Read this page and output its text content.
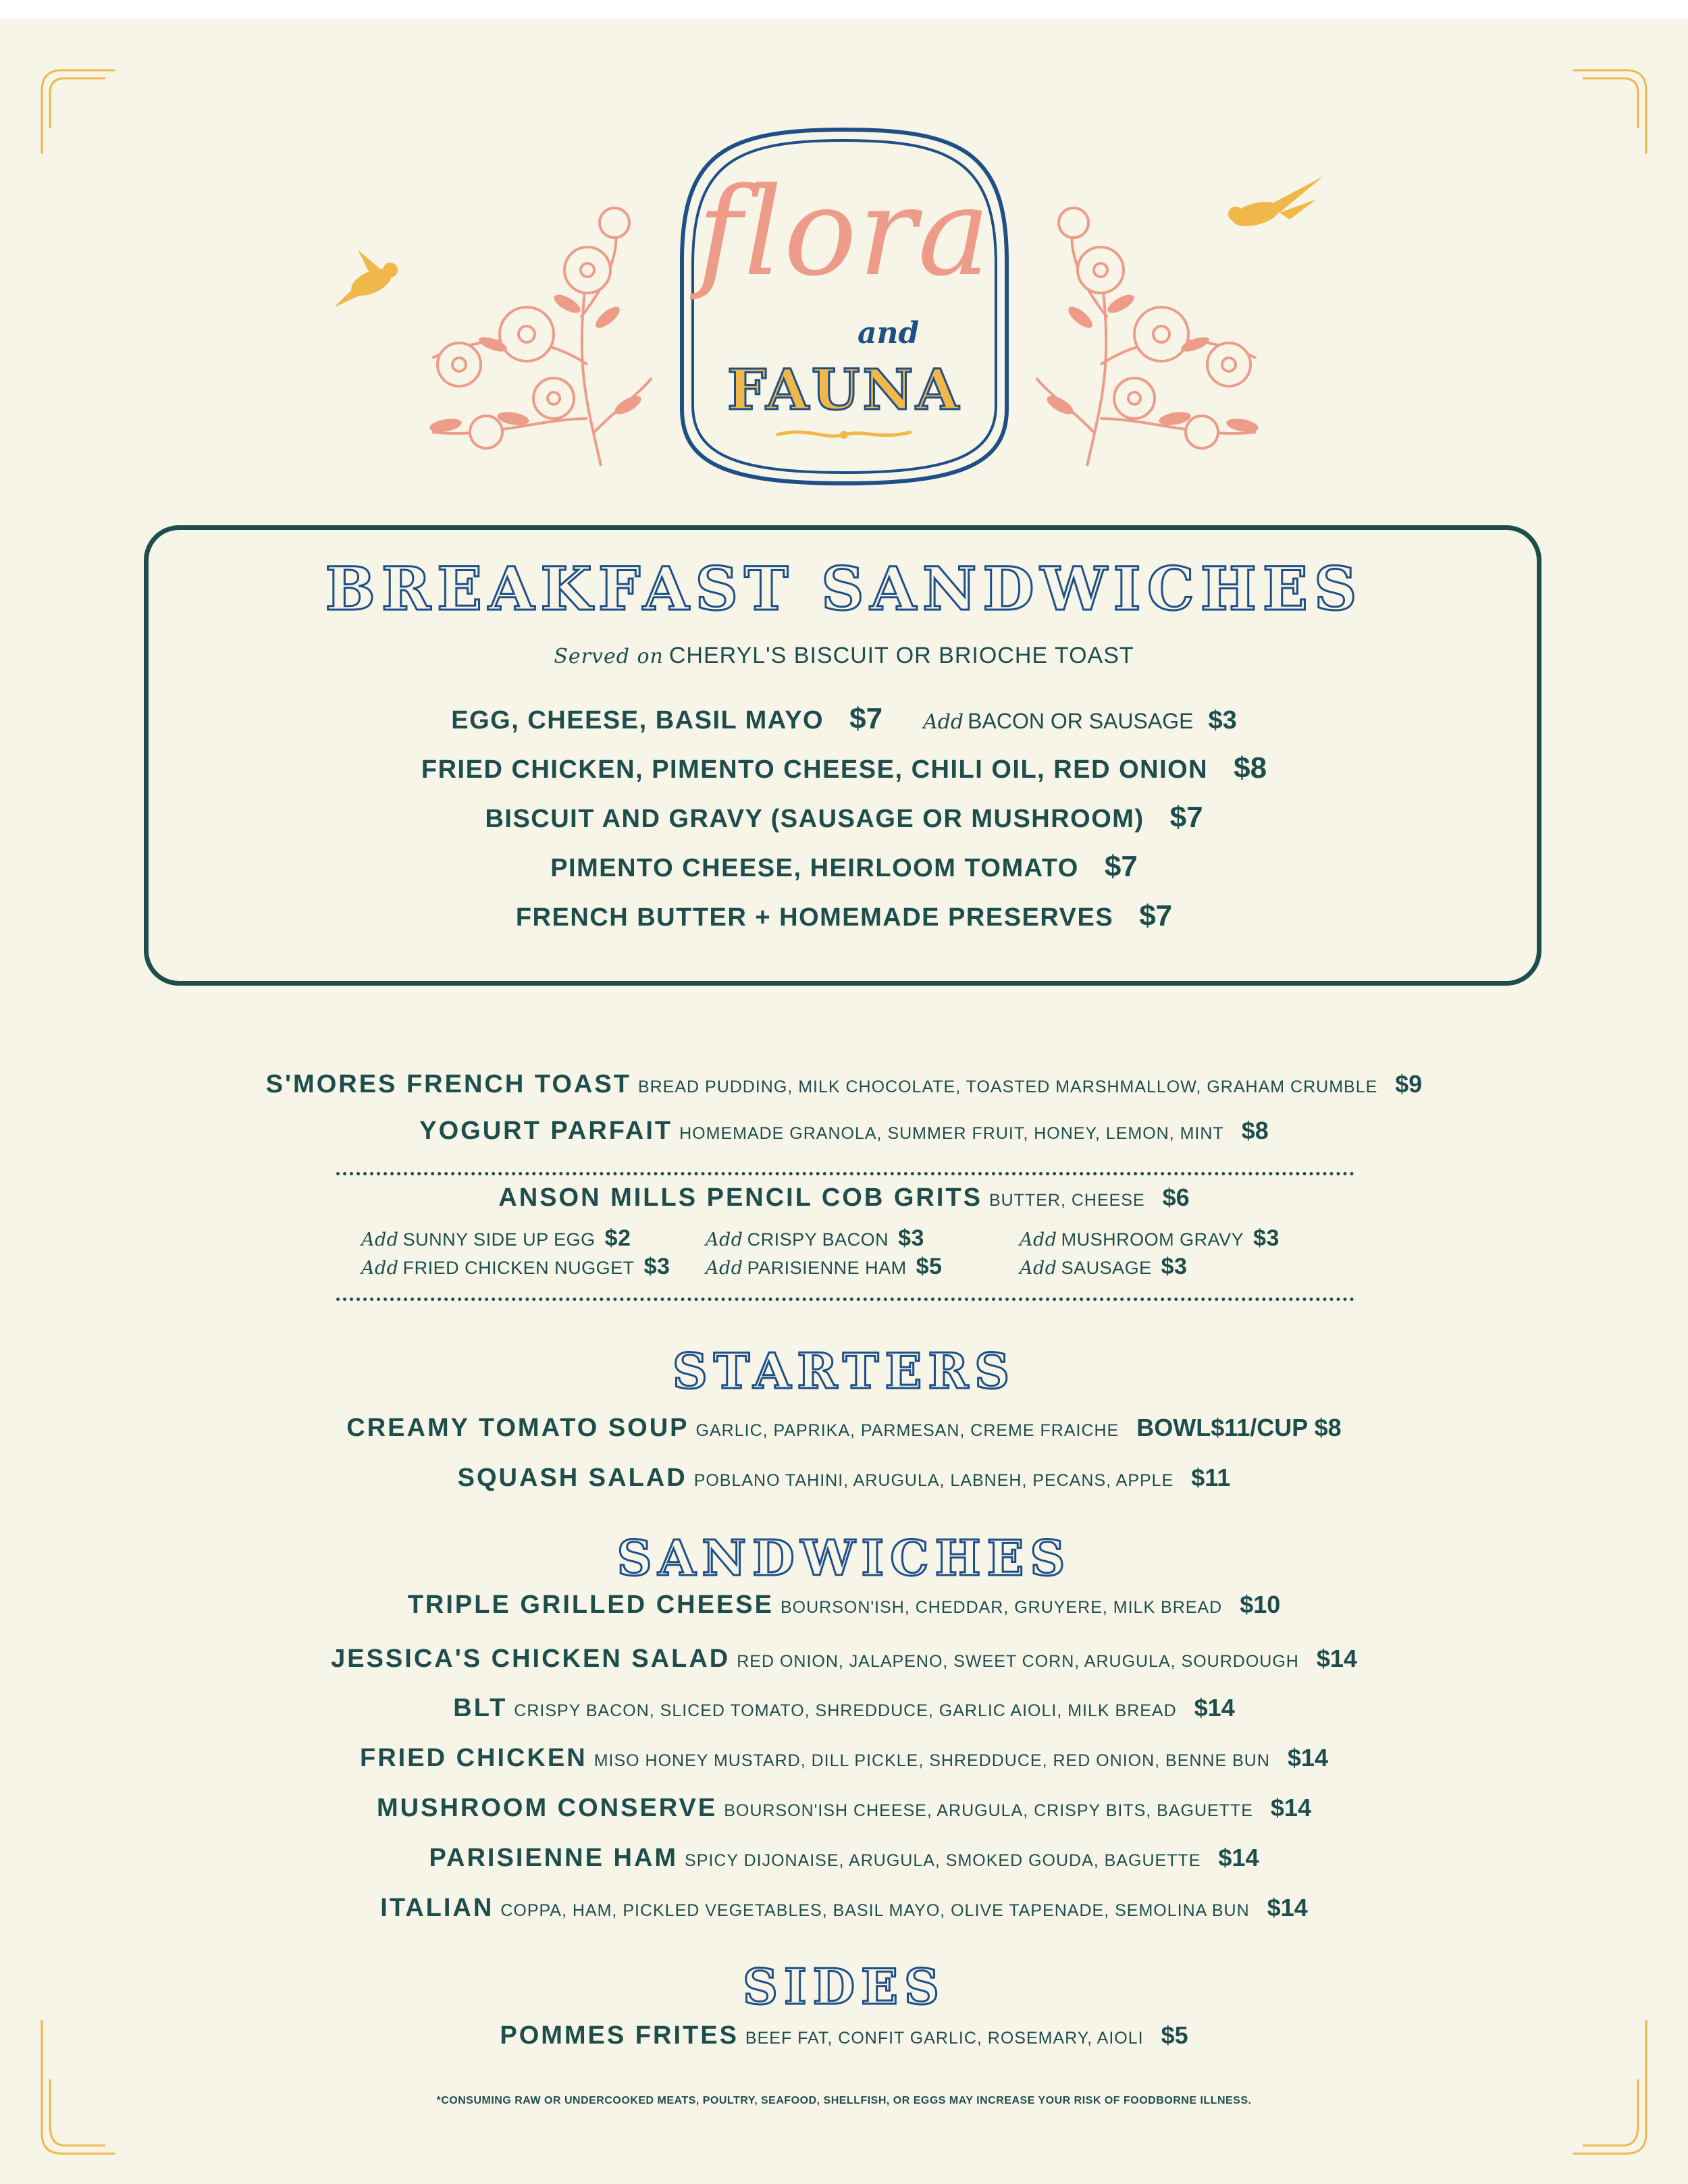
flora
and
FAUNA
BREAKFAST SANDWICHES
Served on CHERYL'S BISCUIT OR BRIOCHE TOAST
EGG, CHEESE, BASIL MAYO $7 Add BACON OR SAUSAGE $3
FRIED CHICKEN, PIMENTO CHEESE, CHILI OIL, RED ONION $8
BISCUIT AND GRAVY (SAUSAGE OR MUSHROOM) $7
PIMENTO CHEESE, HEIRLOOM TOMATO $7
FRENCH BUTTER + HOMEMADE PRESERVES $7
S'MORES FRENCH TOAST BREAD PUDDING, MILK CHOCOLATE, TOASTED MARSHMALLOW, GRAHAM CRUMBLE $9
YOGURT PARFAIT HOMEMADE GRANOLA, SUMMER FRUIT, HONEY, LEMON, MINT $8
ANSON MILLS PENCIL COB GRITS BUTTER, CHEESE $6
Add SUNNY SIDE UP EGG $2	Add CRISPY BACON $3	Add MUSHROOM GRAVY $3
Add FRIED CHICKEN NUGGET $3 Add PARISIENNE HAM $5	Add SAUSAGE $3
STARTERS
CREAMY TOMATO SOUP GARLIC, PAPRIKA, PARMESAN, CREME FRAICHE BOWL$11/CUP $8
SQUASH SALAD POBLANO TAHINI, ARUGULA, LABNEH, PECANS, APPLE $11
SANDWICHES
TRIPLE GRILLED CHEESE BOURSON'ISH, CHEDDAR, GRUYERE, MILK BREAD $10
JESSICA'S CHICKEN SALAD RED ONION, JALAPENO, SWEET CORN, ARUGULA, SOURDOUGH $14
BLT CRISPY BACON, SLICED TOMATO, SHREDDUCE, GARLIC AIOLI, MILK BREAD $14
FRIED CHICKEN MISO HONEY MUSTARD, DILL PICKLE, SHREDDUCE, RED ONION, BENNE BUN $14
MUSHROOM CONSERVE BOURSON'ISH CHEESE, ARUGULA, CRISPY BITS, BAGUETTE $14
PARISIENNE HAM SPICY DIJONAISE, ARUGULA, SMOKED GOUDA, BAGUETTE $14
ITALIAN COPPA, HAM, PICKLED VEGETABLES, BASIL MAYO, OLIVE TAPENADE, SEMOLINA BUN $14
SIDES
POMMES FRITES BEEF FAT, CONFIT GARLIC, ROSEMARY, AIOLI $5
*CONSUMING RAW OR UNDERCOOKED MEATS, POULTRY, SEAFOOD, SHELLFISH, OR EGGS MAY INCREASE YOUR RISK OF FOODBORNE ILLNESS.
